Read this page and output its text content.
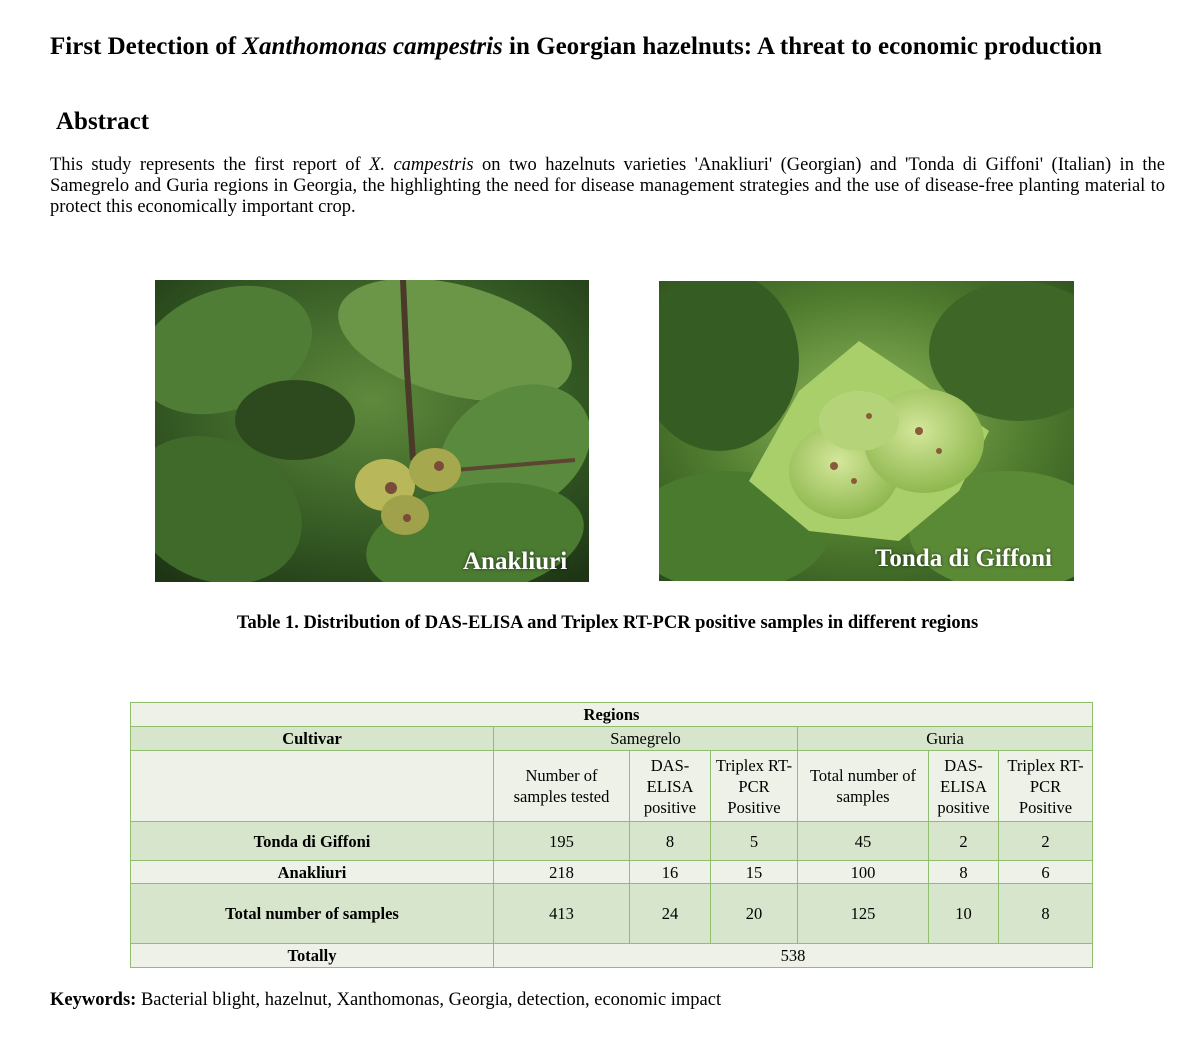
First Detection of Xanthomonas campestris in Georgian hazelnuts: A threat to economic production
Abstract

This study represents the first report of X. campestris on two hazelnuts varieties 'Anakliuri' (Georgian) and 'Tonda di Giffoni' (Italian) in the Samegrelo and Guria regions in Georgia, the highlighting the need for disease management strategies and the use of disease-free planting material to protect this economically important crop.

Anakliuri	Tonda di Giffoni

Table 1. Distribution of DAS-ELISA and Triplex RT-PCR positive samples in different regions

Regions						
Cultivar	Samegrelo			Guria		
	Number of samples tested	DAS-ELISA positive	Triplex RT- PCR Positive	Total number of samples	DAS-ELISA positive	Triplex RT-PCR Positive
Tonda di Giffoni	195	8	5	45	2	2
Anakliuri	218	16	15	100	8	6
Total number of samples	413	24	20	125	10	8
Totally	538					

Keywords: Bacterial blight, hazelnut, Xanthomonas, Georgia, detection, economic impact
